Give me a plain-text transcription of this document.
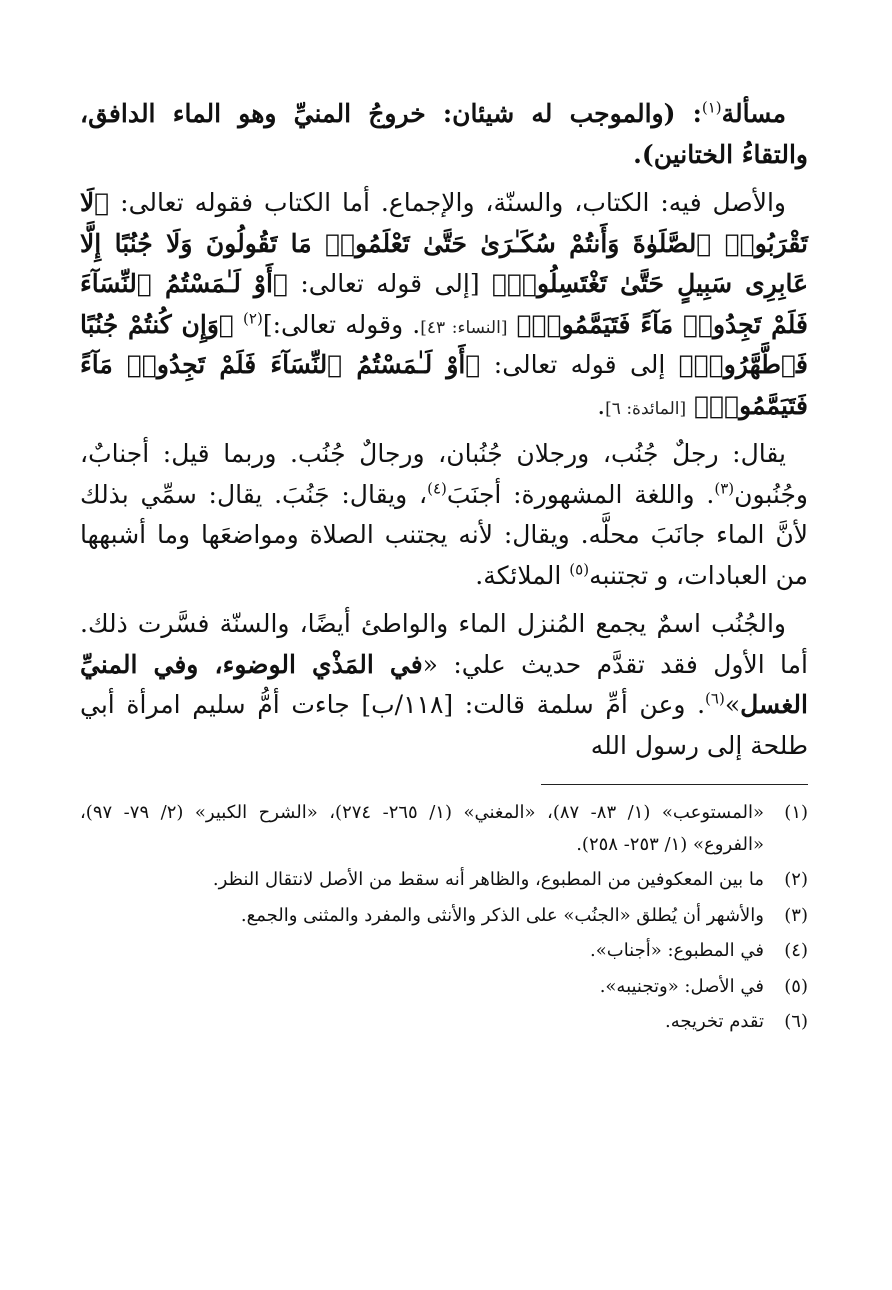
مسألة$^{(١)}$: (والموجب له شيئان: خروجُ المنيِّ وهو الماء الدافق، والتقاءُ الختانين).

والأصل فيه: الكتاب، والسنّة، والإجماع. أما الكتاب فقوله تعالى: ﴿لَا تَقْرَبُوا۟ ٱلصَّلَوٰةَ وَأَنتُمْ سُكَـٰرَىٰ حَتَّىٰ تَعْلَمُوا۟ مَا تَقُولُونَ وَلَا جُنُبًا إِلَّا عَابِرِى سَبِيلٍ حَتَّىٰ تَغْتَسِلُوا۟﴾ [إلى قوله تعالى: ﴿أَوْ لَـٰمَسْتُمُ ٱلنِّسَآءَ فَلَمْ تَجِدُوا۟ مَآءً فَتَيَمَّمُوا۟﴾ [النساء: ٤٣]. وقوله تعالى:]$^{(٢)}$ ﴿وَإِن كُنتُمْ جُنُبًا فَٱطَّهَّرُوا۟﴾ إلى قوله تعالى: ﴿أَوْ لَـٰمَسْتُمُ ٱلنِّسَآءَ فَلَمْ تَجِدُوا۟ مَآءً فَتَيَمَّمُوا۟﴾ [المائدة: ٦].

يقال: رجلٌ جُنُب، ورجلان جُنُبان، ورجالٌ جُنُب. وربما قيل: أجنابٌ، وجُنُبون$^{(٣)}$. واللغة المشهورة: أجنَبَ$^{(٤)}$، ويقال: جَنُبَ. يقال: سمِّي بذلك لأنَّ الماء جانَبَ محلَّه. ويقال: لأنه يجتنب الصلاة ومواضعَها وما أشبهها من العبادات، و تجتنبه$^{(٥)}$ الملائكة.

والجُنُب اسمٌ يجمع المُنزل الماء والواطئ أيضًا، والسنّة فسَّرت ذلك. أما الأول فقد تقدَّم حديث علي: «في المَذْي الوضوء، وفي المنيِّ الغسل»$^{(٦)}$. وعن أمِّ سلمة قالت: [١١٨/ب] جاءت أمُّ سليم امرأة أبي طلحة إلى رسول الله

(١)«المستوعب» (١/ ٨٣- ٨٧)، «المغني» (١/ ٢٦٥- ٢٧٤)، «الشرح الكبير» (٢/ ٧٩- ٩٧)، «الفروع» (١/ ٢٥٣- ٢٥٨).

(٢)ما بين المعكوفين من المطبوع، والظاهر أنه سقط من الأصل لانتقال النظر.

(٣)والأشهر أن يُطلق «الجنُب» على الذكر والأنثى والمفرد والمثنى والجمع.

(٤)في المطبوع: «أجناب».

(٥)في الأصل: «وتجنيبه».

(٦)تقدم تخريجه.
